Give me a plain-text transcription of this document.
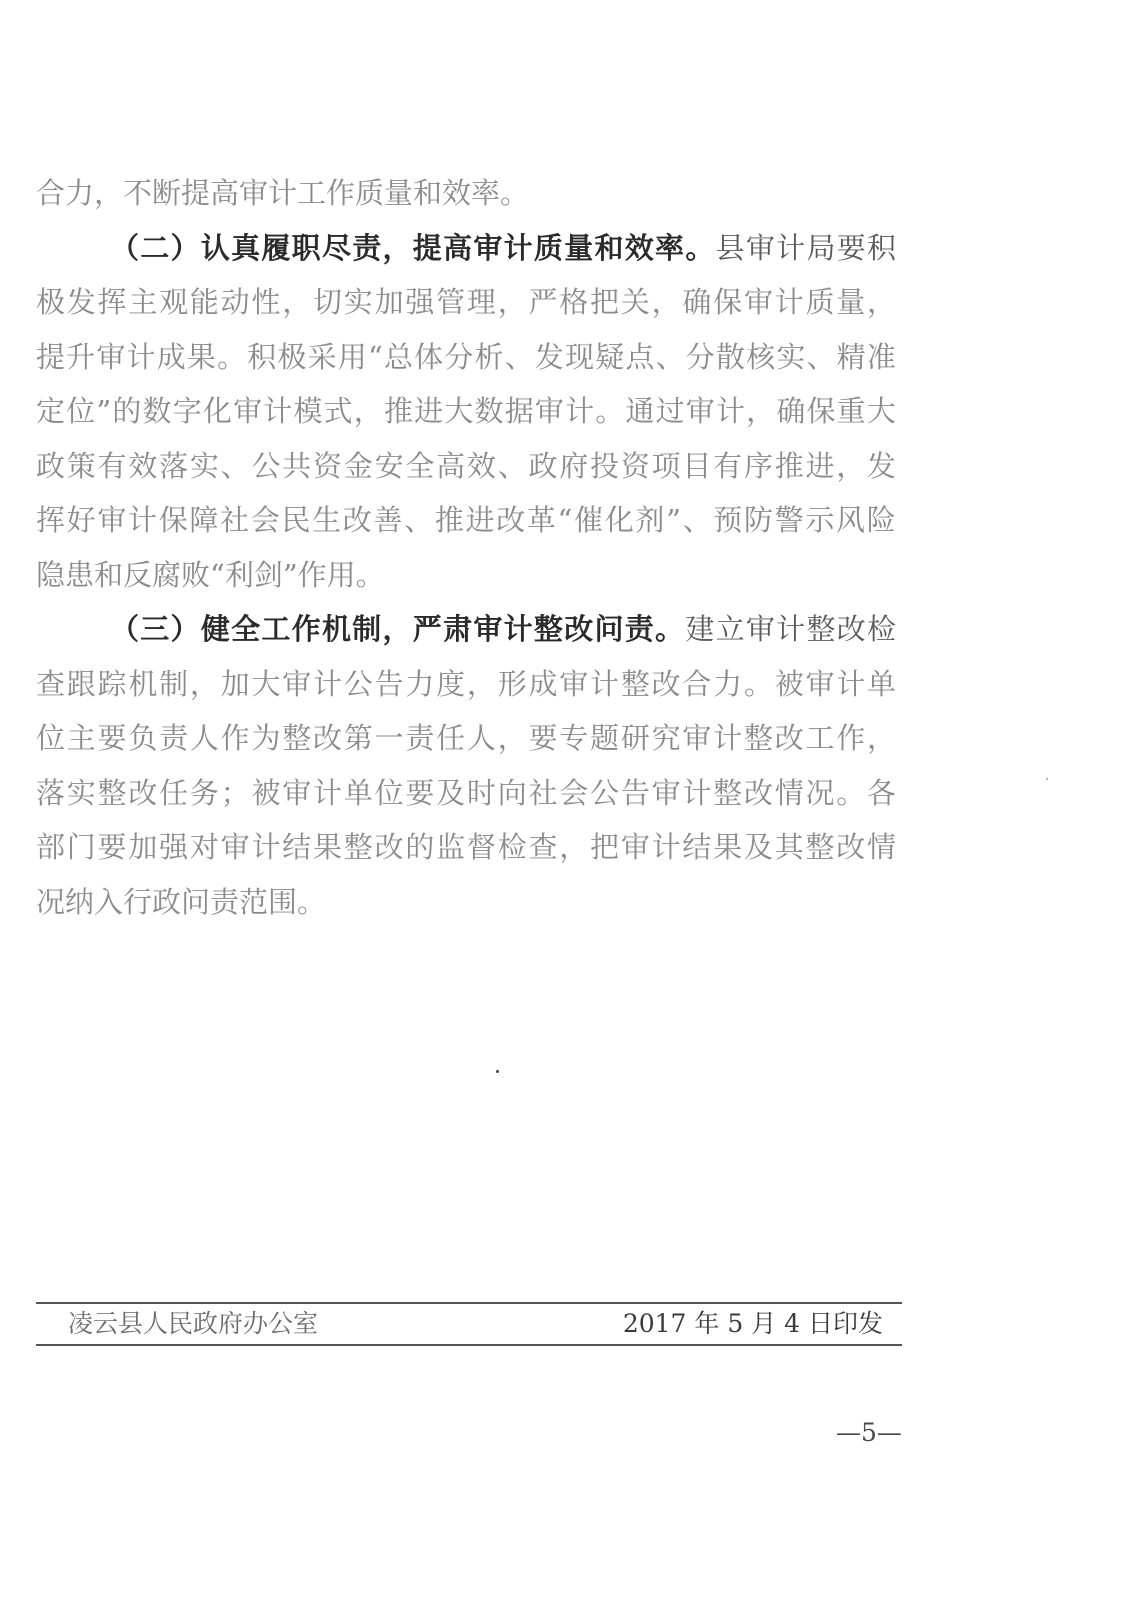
合力，不断提高审计工作质量和效率。
（二）认真履职尽责，提高审计质量和效率。县审计局要积
极发挥主观能动性，切实加强管理，严格把关，确保审计质量，
提升审计成果。积极采用“总体分析、发现疑点、分散核实、精准
定位”的数字化审计模式，推进大数据审计。通过审计，确保重大
政策有效落实、公共资金安全高效、政府投资项目有序推进，发
挥好审计保障社会民生改善、推进改革“催化剂”、预防警示风险
隐患和反腐败“利剑”作用。
（三）健全工作机制，严肃审计整改问责。建立审计整改检
查跟踪机制，加大审计公告力度，形成审计整改合力。被审计单
位主要负责人作为整改第一责任人，要专题研究审计整改工作，
落实整改任务；被审计单位要及时向社会公告审计整改情况。各
部门要加强对审计结果整改的监督检查，把审计结果及其整改情
况纳入行政问责范围。
凌云县人民政府办公室	2017 年 5 月 4 日印发
—5—
